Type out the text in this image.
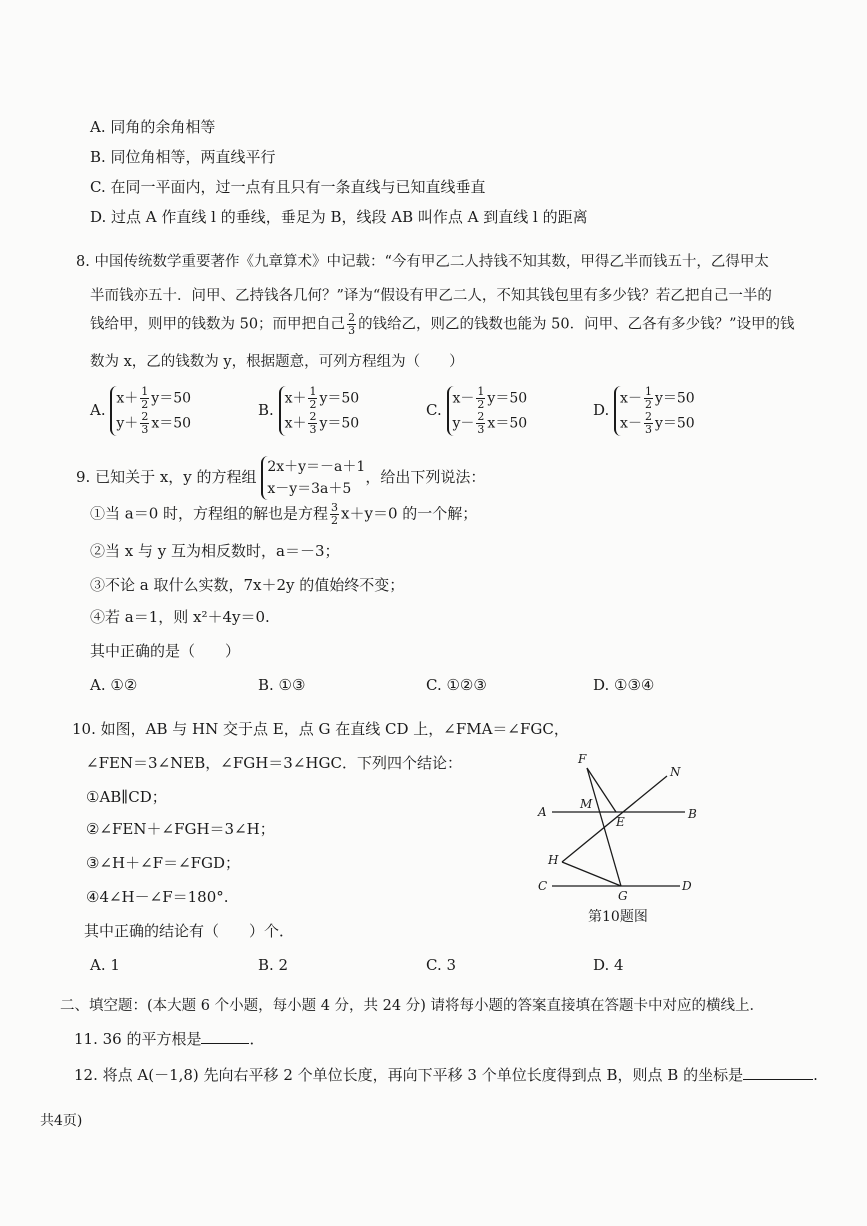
A. 同角的余角相等
B. 同位角相等，两直线平行
C. 在同一平面内，过一点有且只有一条直线与已知直线垂直
D. 过点 A 作直线 l 的垂线，垂足为 B，线段 AB 叫作点 A 到直线 l 的距离
8. 中国传统数学重要著作《九章算术》中记载：“今有甲乙二人持钱不知其数，甲得乙半而钱五十，乙得甲太
半而钱亦五十．问甲、乙持钱各几何？”译为“假设有甲乙二人，不知其钱包里有多少钱？若乙把自己一半的
钱给甲，则甲的钱数为 50；而甲把自己 $\frac{2}{3}$ 的钱给乙，则乙的钱数也能为 50．问甲、乙各有多少钱？”设甲的钱
数为 x，乙的钱数为 y，根据题意，可列方程组为（　　）
A.
$x+ \frac{1}{2} y=50$
$y+ \frac{2}{3} x=50$
B.
$x+ \frac{1}{2} y=50$
$x+ \frac{2}{3} y=50$
C.
$x- \frac{1}{2} y=50$
$y- \frac{2}{3} x=50$
D.
$x- \frac{1}{2} y=50$
$x- \frac{2}{3} y=50$
9. 已知关于 x，y 的方程组
2x＋y＝－a＋1
x－y＝3a＋5
，给出下列说法：
①当 a＝0 时，方程组的解也是方程 $\frac{3}{2} x+y=0$ 的一个解；
②当 x 与 y 互为相反数时，a＝－3；
③不论 a 取什么实数，7x＋2y 的值始终不变；
④若 a＝1，则 x²＋4y＝0.
其中正确的是（　　）
A. ①②	B. ①③	C. ①②③	D. ①③④
10. 如图，AB 与 HN 交于点 E，点 G 在直线 CD 上，∠FMA＝∠FGC，
∠FEN＝3∠NEB，∠FGH＝3∠HGC．下列四个结论：
①AB∥CD；
②∠FEN＋∠FGH＝3∠H；
③∠H＋∠F＝∠FGD；
④4∠H－∠F＝180°.
其中正确的结论有（　　）个．
A. 1	B. 2	C. 3	D. 4
F
N
A
M
E
B
H
C
G
D
第10题图
二、填空题：(本大题 6 个小题，每小题 4 分，共 24 分) 请将每小题的答案直接填在答题卡中对应的横线上．
11. 36 的平方根是	．
12. 将点 A(－1,8) 先向右平移 2 个单位长度，再向下平移 3 个单位长度得到点 B，则点 B 的坐标是	.
共4页)
